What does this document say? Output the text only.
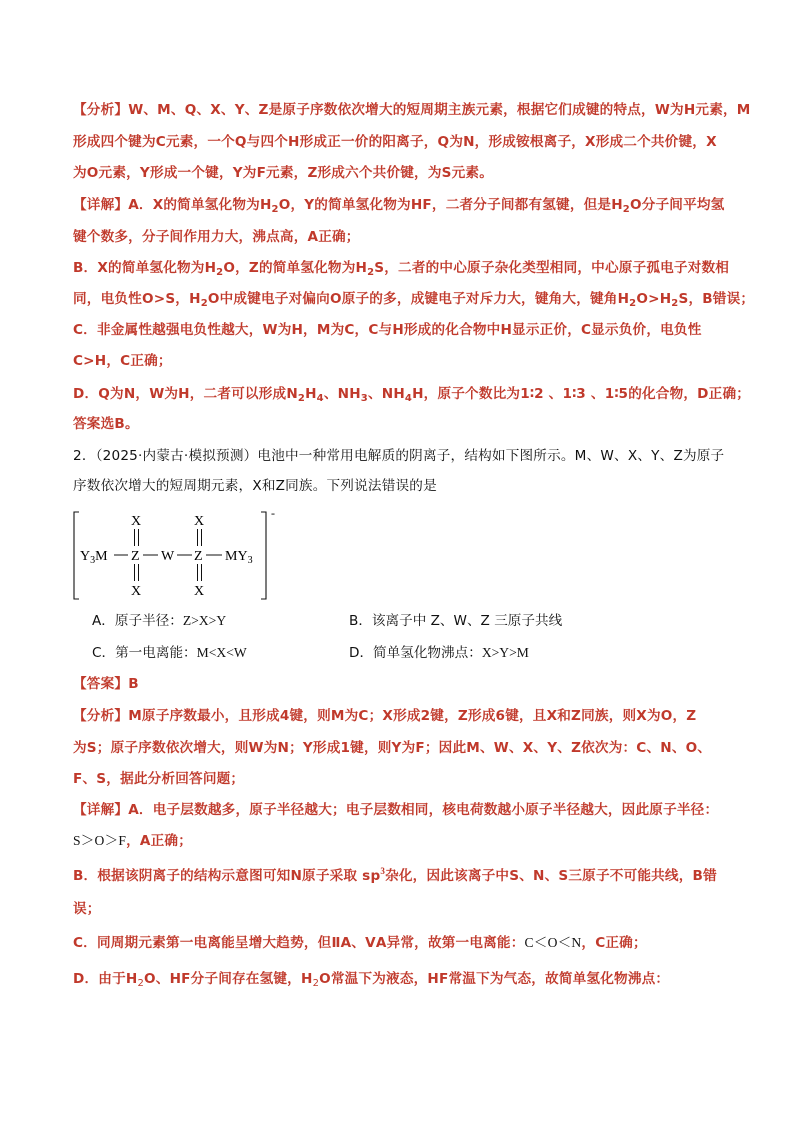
【分析】W、M、Q、X、Y、Z是原子序数依次增大的短周期主族元素，根据它们成键的特点，W为H元素，M
形成四个键为C元素，一个Q与四个H形成正一价的阳离子，Q为N，形成铵根离子，X形成二个共价键，X
为O元素，Y形成一个键，Y为F元素，Z形成六个共价键，为S元素。
【详解】A．X的简单氢化物为$H_2O$，Y的简单氢化物为HF，二者分子间都有氢键，但是$H_2O$分子间平均氢
键个数多，分子间作用力大，沸点高，A正确；
B．X的简单氢化物为$H_2O$，Z的简单氢化物为$H_2S$，二者的中心原子杂化类型相同，中心原子孤电子对数相
同，电负性O>S，$H_2O$中成键电子对偏向O原子的多，成键电子对斥力大，键角大，键角$H_2O>H_2S$，B错误；
C．非金属性越强电负性越大，W为H，M为C，C与H形成的化合物中H显示正价，C显示负价，电负性
C>H，C正确；
D．Q为N，W为H，二者可以形成$N_2H_4$、$NH_3$、$NH_4H$，原子个数比为1∶2 、1∶3 、1∶5的化合物，D正确；
答案选B。
2．（2025·内蒙古·模拟预测）电池中一种常用电解质的阴离子，结构如下图所示。M、W、X、Y、Z为原子
序数依次增大的短周期元素，X和Z同族。下列说法错误的是
-
X	X
$Y_3M$ Z W Z $MY_3$
X	X
A．原子半径：Z>X>Y	B．该离子中 Z、W、Z 三原子共线
C．第一电离能：M<X<W	D．简单氢化物沸点：X>Y>M
【答案】B
【分析】M原子序数最小，且形成4键，则M为C；X形成2键，Z形成6键，且X和Z同族，则X为O，Z
为S；原子序数依次增大，则W为N；Y形成1键，则Y为F；因此M、W、X、Y、Z依次为：C、N、O、
F、S，据此分析回答问题；
【详解】A．电子层数越多，原子半径越大；电子层数相同，核电荷数越小原子半径越大，因此原子半径：
S＞O＞F，A正确；
B．根据该阴离子的结构示意图可知N原子采取 $sp^3$杂化，因此该离子中S、N、S三原子不可能共线，B错
误；
C．同周期元素第一电离能呈增大趋势，但ⅡA、ⅤA异常，故第一电离能：C＜O＜N，C正确；
D．由于$H_2O$、HF分子间存在氢键，$H_2O$常温下为液态，HF常温下为气态，故简单氢化物沸点：
